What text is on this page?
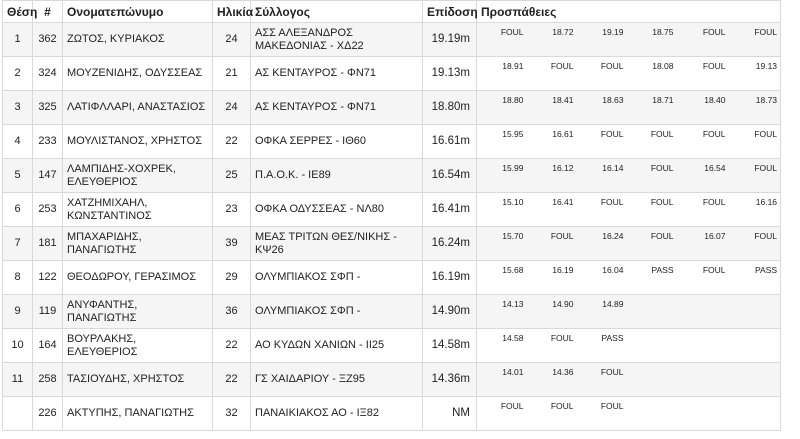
Θέση	#	Ονοματεπώνυμο	Ηλικία	Σύλλογος	Επίδοση	Προσπάθειες					
1	362	ΖΩΤΟΣ, ΚΥΡΙΑΚΟΣ	24	ΑΣΣ ΑΛΕΞΑΝΔΡΟΣ ΜΑΚΕΔΟΝΙΑΣ - ΧΔ22	19.19m	FOUL	18.72	19.19	18.75	FOUL	FOUL
2	324	ΜΟΥΖΕΝΙΔΗΣ, ΟΔΥΣΣΕΑΣ	21	ΑΣ ΚΕΝΤΑΥΡΟΣ - ΦΝ71	19.13m	18.91	FOUL	FOUL	18.08	FOUL	19.13
3	325	ΛΑΤΙΦΛΛΑΡΙ, ΑΝΑΣΤΑΣΙΟΣ	24	ΑΣ ΚΕΝΤΑΥΡΟΣ - ΦΝ71	18.80m	18.80	18.41	18.63	18.71	18.40	18.73
4	233	ΜΟΥΛΙΣΤΑΝΟΣ, ΧΡΗΣΤΟΣ	22	ΟΦΚΑ ΣΕΡΡΕΣ - ΙΘ60	16.61m	15.95	16.61	FOUL	FOUL	FOUL	FOUL
5	147	ΛΑΜΠΙΔΗΣ-ΧΟΧΡΕΚ, ΕΛΕΥΘΕΡΙΟΣ	25	Π.Α.Ο.Κ. - ΙΕ89	16.54m	15.99	16.12	16.14	FOUL	16.54	FOUL
6	253	ΧΑΤΖΗΜΙΧΑΗΛ, ΚΩΝΣΤΑΝΤΙΝΟΣ	23	ΟΦΚΑ ΟΔΥΣΣΕΑΣ - ΝΛ80	16.41m	15.10	16.41	FOUL	FOUL	FOUL	16.16
7	181	ΜΠΑΧΑΡΙΔΗΣ, ΠΑΝΑΓΙΩΤΗΣ	39	ΜΕΑΣ ΤΡΙΤΩΝ ΘΕΣ/ΝΙΚΗΣ - ΚΨ26	16.24m	15.70	FOUL	16.24	FOUL	16.07	FOUL
8	122	ΘΕΟΔΩΡΟΥ, ΓΕΡΑΣΙΜΟΣ	29	ΟΛΥΜΠΙΑΚΟΣ ΣΦΠ -	16.19m	15.68	16.19	16.04	PASS	FOUL	PASS
9	119	ΑΝΥΦΑΝΤΗΣ, ΠΑΝΑΓΙΩΤΗΣ	36	ΟΛΥΜΠΙΑΚΟΣ ΣΦΠ -	14.90m	14.13	14.90	14.89			
10	164	ΒΟΥΡΛΑΚΗΣ, ΕΛΕΥΘΕΡΙΟΣ	22	ΑΟ ΚΥΔΩΝ ΧΑΝΙΩΝ - ΙΙ25	14.58m	14.58	FOUL	PASS			
11	258	ΤΑΣΙΟΥΔΗΣ, ΧΡΗΣΤΟΣ	22	ΓΣ ΧΑΙΔΑΡΙΟΥ - ΞΖ95	14.36m	14.01	14.36	FOUL			
	226	ΑΚΤΥΠΗΣ, ΠΑΝΑΓΙΩΤΗΣ	32	ΠΑΝΑΙΚΙΑΚΟΣ ΑΟ - ΙΞ82	NM	FOUL	FOUL	FOUL			
